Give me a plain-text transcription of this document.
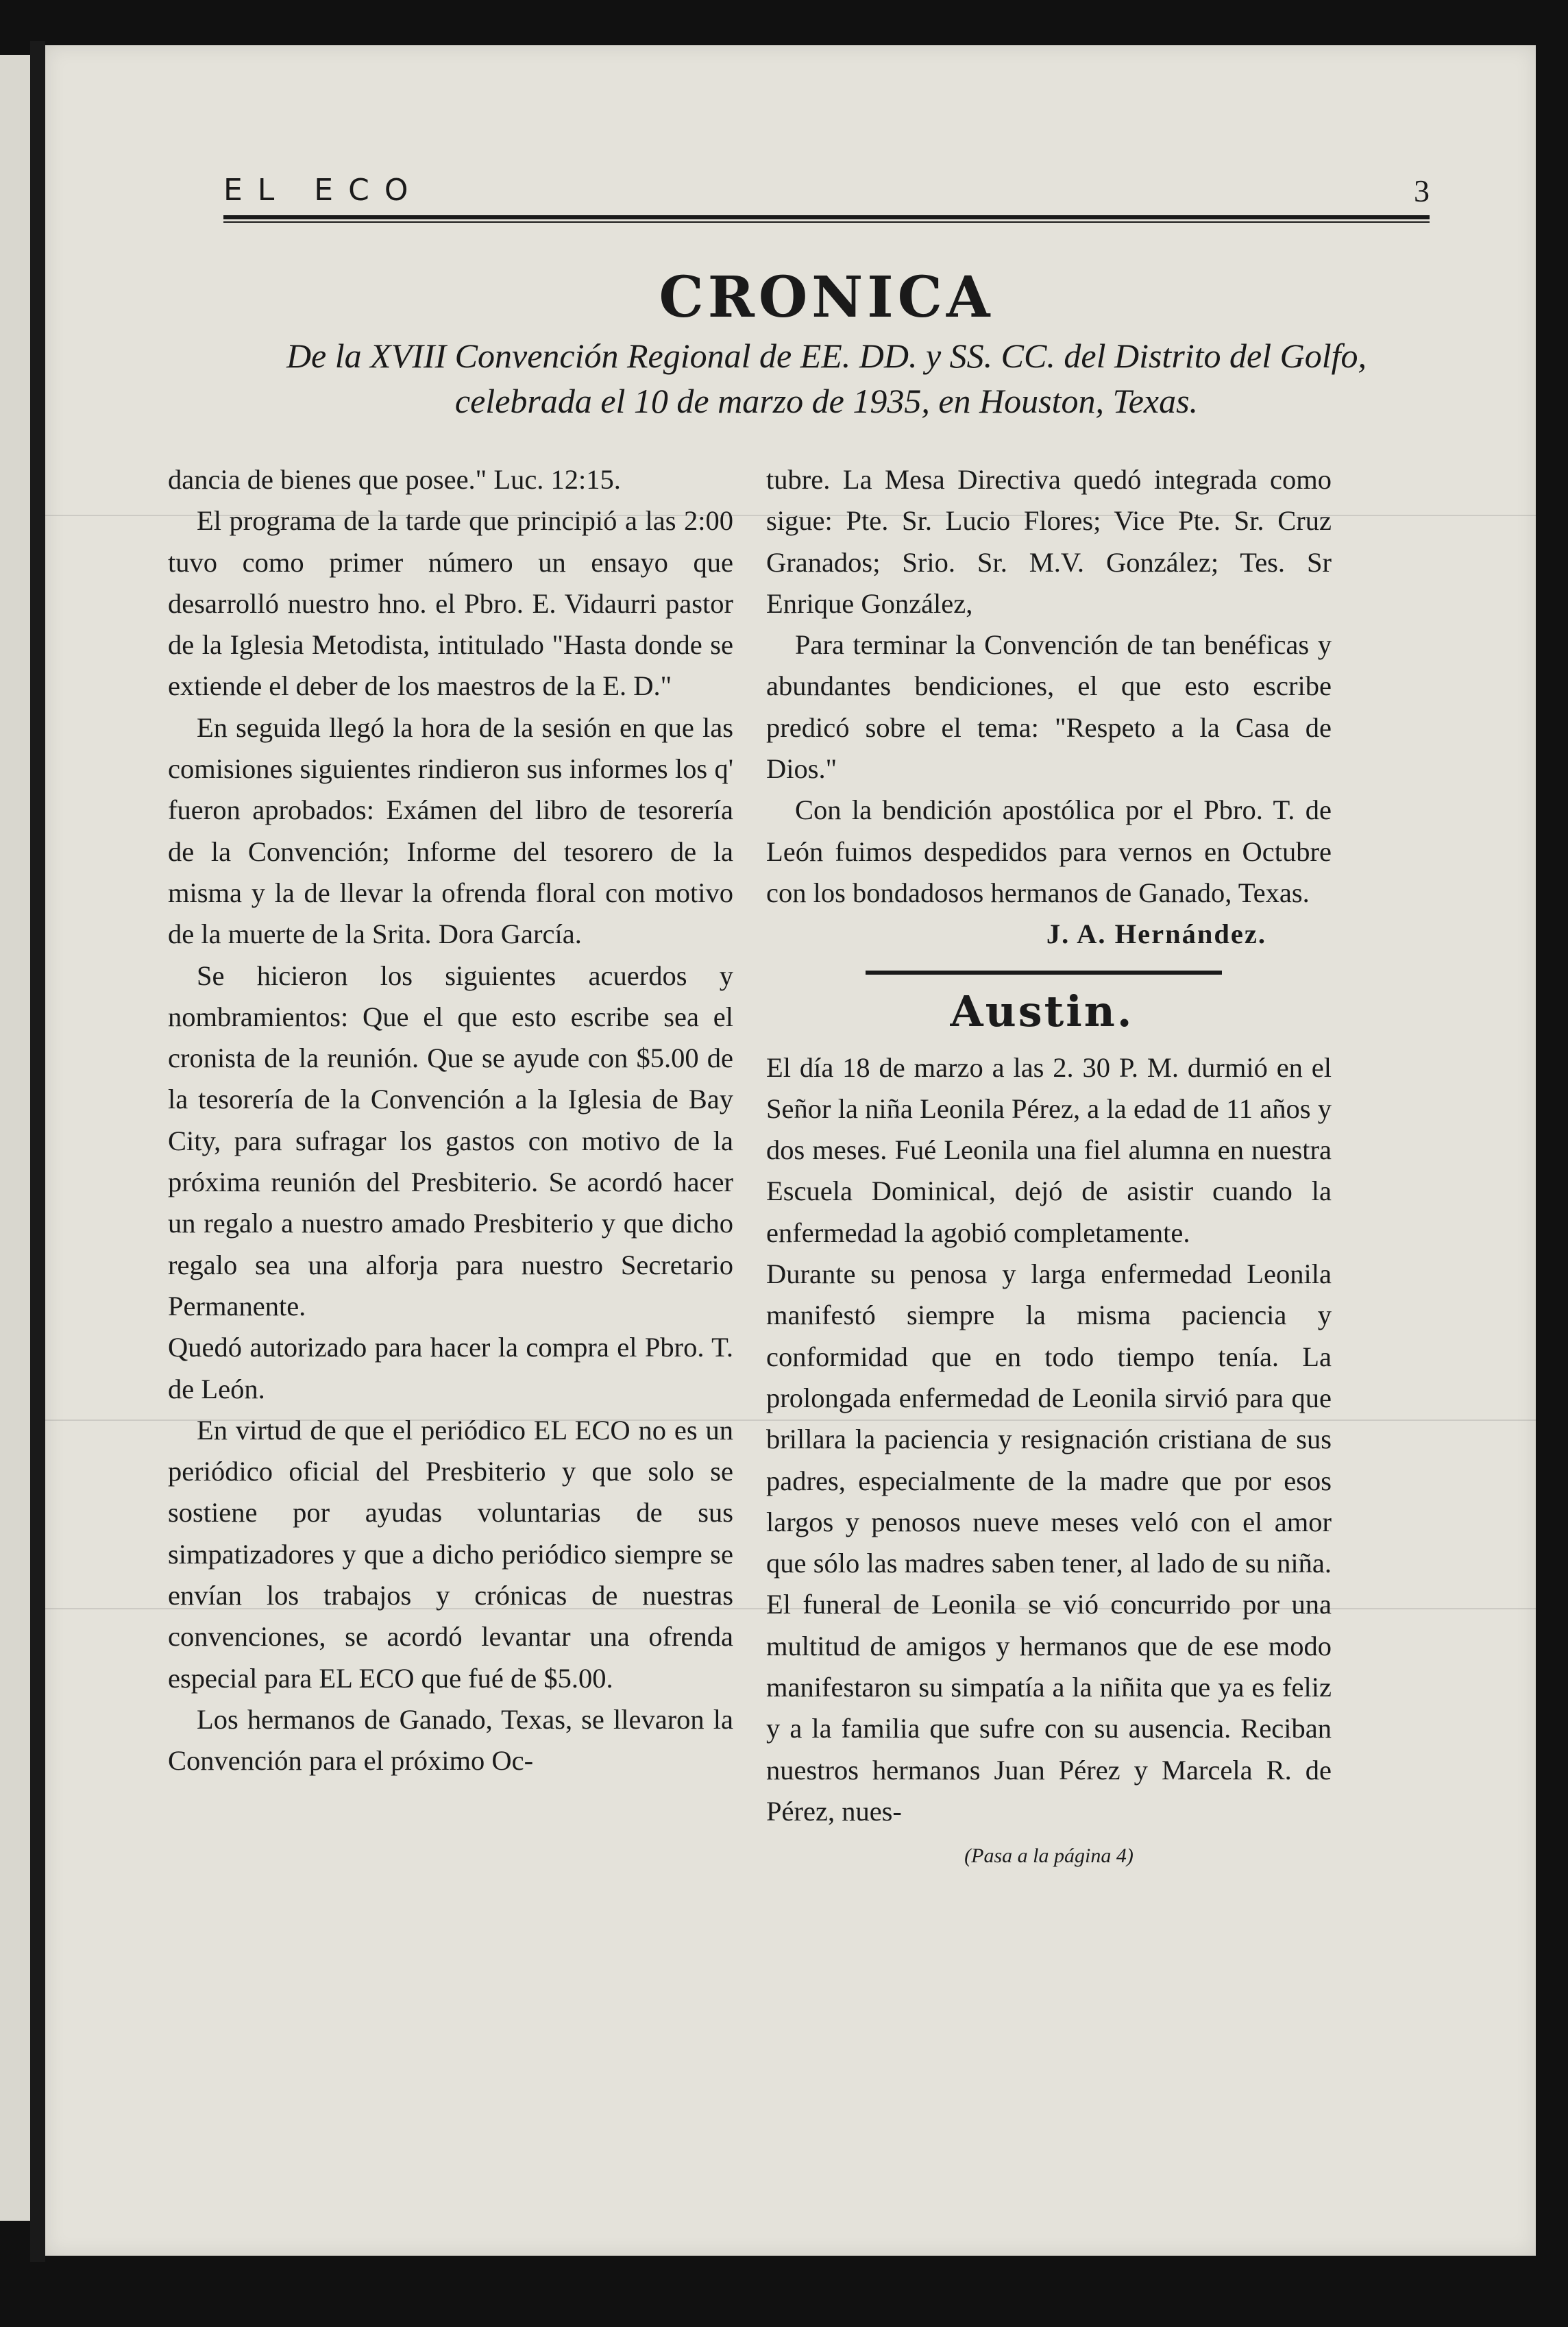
EL ECO	3
CRONICA
De la XVIII Convención Regional de EE. DD. y SS. CC. del Distrito del Golfo, celebrada el 10 de marzo de 1935, en Houston, Texas.

dancia de bienes que posee." Luc. 12:15.

El programa de la tarde que principió a las 2:00 tuvo como primer número un ensayo que desarrolló nuestro hno. el Pbro. E. Vidaurri pastor de la Iglesia Metodista, intitulado "Hasta donde se extiende el deber de los maestros de la E. D."

En seguida llegó la hora de la sesión en que las comisiones siguientes rindieron sus informes los q' fueron aprobados: Exámen del libro de tesorería de la Convención; Informe del tesorero de la misma y la de llevar la ofrenda floral con motivo de la muerte de la Srita. Dora García.

Se hicieron los siguientes acuerdos y nombramientos: Que el que esto escribe sea el cronista de la reunión. Que se ayude con $5.00 de la tesorería de la Convención a la Iglesia de Bay City, para sufragar los gastos con motivo de la próxima reunión del Presbiterio. Se acordó hacer un regalo a nuestro amado Presbiterio y que dicho regalo sea una alforja para nuestro Secretario Permanente.

Quedó autorizado para hacer la compra el Pbro. T. de León.

En virtud de que el periódico EL ECO no es un periódico oficial del Presbiterio y que solo se sostiene por ayudas voluntarias de sus simpatizadores y que a dicho periódico siempre se envían los trabajos y crónicas de nuestras convenciones, se acordó levantar una ofrenda especial para EL ECO que fué de $5.00.

Los hermanos de Ganado, Texas, se llevaron la Convención para el próximo Oc-

tubre. La Mesa Directiva quedó integrada como sigue: Pte. Sr. Lucio Flores; Vice Pte. Sr. Cruz Granados; Srio. Sr. M.V. González; Tes. Sr Enrique González,

Para terminar la Convención de tan benéficas y abundantes bendiciones, el que esto escribe predicó sobre el tema: "Respeto a la Casa de Dios."

Con la bendición apostólica por el Pbro. T. de León fuimos despedidos para vernos en Octubre con los bondadosos hermanos de Ganado, Texas.

J. A. Hernández.

Austin.

El día 18 de marzo a las 2. 30 P. M. durmió en el Señor la niña Leonila Pérez, a la edad de 11 años y dos meses. Fué Leonila una fiel alumna en nuestra Escuela Dominical, dejó de asistir cuando la enfermedad la agobió completamente.

Durante su penosa y larga enfermedad Leonila manifestó siempre la misma paciencia y conformidad que en todo tiempo tenía. La prolongada enfermedad de Leonila sirvió para que brillara la paciencia y resignación cristiana de sus padres, especialmente de la madre que por esos largos y penosos nueve meses veló con el amor que sólo las madres saben tener, al lado de su niña. El funeral de Leonila se vió concurrido por una multitud de amigos y hermanos que de ese modo manifestaron su simpatía a la niñita que ya es feliz y a la familia que sufre con su ausencia. Reciban nuestros hermanos Juan Pérez y Marcela R. de Pérez, nues-

(Pasa a la página 4)
